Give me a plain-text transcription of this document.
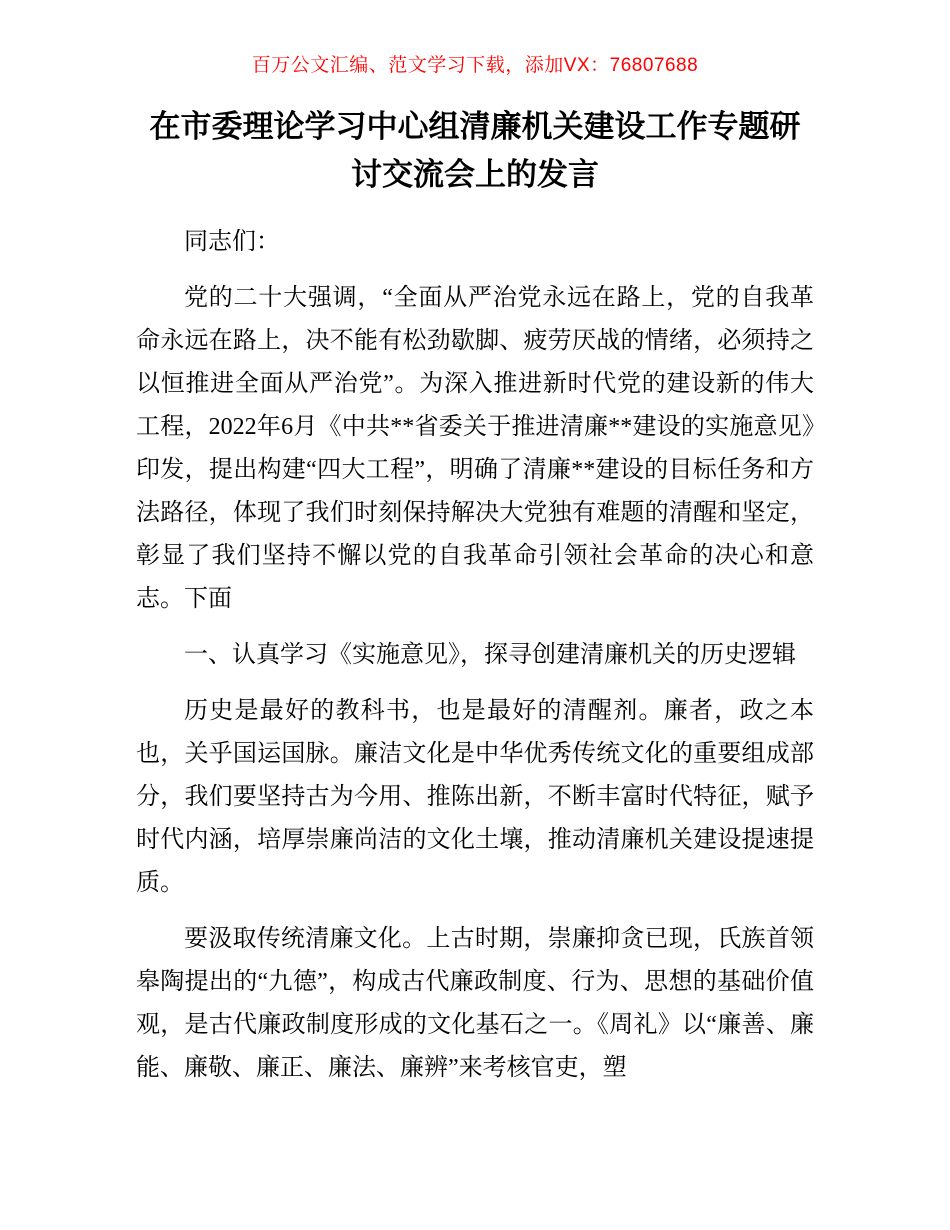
百万公文汇编、范文学习下载，添加VX：76807688
在市委理论学习中心组清廉机关建设工作专题研讨交流会上的发言

同志们：

党的二十大强调，“全面从严治党永远在路上，党的自我革命永远在路上，决不能有松劲歇脚、疲劳厌战的情绪，必须持之以恒推进全面从严治党”。为深入推进新时代党的建设新的伟大工程，2022年6月《中共**省委关于推进清廉**建设的实施意见》印发，提出构建“四大工程”，明确了清廉**建设的目标任务和方法路径，体现了我们时刻保持解决大党独有难题的清醒和坚定，彰显了我们坚持不懈以党的自我革命引领社会革命的决心和意志。下面

一、认真学习《实施意见》，探寻创建清廉机关的历史逻辑

历史是最好的教科书，也是最好的清醒剂。廉者，政之本也，关乎国运国脉。廉洁文化是中华优秀传统文化的重要组成部分，我们要坚持古为今用、推陈出新，不断丰富时代特征，赋予时代内涵，培厚崇廉尚洁的文化土壤，推动清廉机关建设提速提质。

要汲取传统清廉文化。上古时期，崇廉抑贪已现，氏族首领皋陶提出的“九德”，构成古代廉政制度、行为、思想的基础价值观，是古代廉政制度形成的文化基石之一。《周礼》以“廉善、廉能、廉敬、廉正、廉法、廉辨”来考核官吏，塑
